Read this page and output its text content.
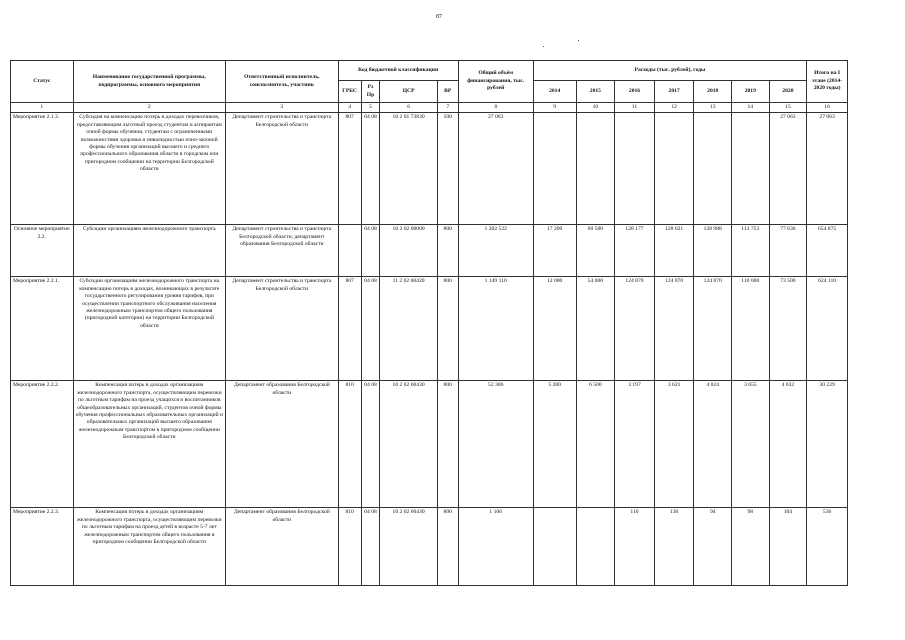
87
Статус	Наименование государственной программы, подпрограммы, основного мероприятия	Ответственный исполнитель, соисполнитель, участник	Код бюджетной классификации				Общий объём финансирования, тыс. рублей	Расходы (тыс. рублей), годы							Итого на I этапе (2014-2020 годы)
			ГРБС	Рз Пр	ЦСР	ВР		2014	2015	2016	2017	2018	2019	2020	
1	2	3	4	5	6	7	8	9	10	11	12	13	14	15	16
Мероприятие 2.1.3.	Субсидия на компенсацию потерь в доходах перевозчиков, предоставляющим льготный проезд студентам и аспирантам очной формы обучения, студентам с ограниченными возможностями здоровья и инвалидностью очно-заочной формы обучения организаций высшего и среднего профессионального образования области в городском или пригородном сообщении на территории Белгородской области	Департамент строительства и транспорта Белгородской области	807	04 08	10 2 01 73830	500	27 063							27 063	27 063
Основное мероприятие 2.2.	Субсидии организациям железнодорожного транспорта	Департамент строительства и транспорта Белгородской области, департамент образования Белгородской области		04 08	10 2 02 00000	800	1 202 522	17 200	60 500	128 177	128 621	128 988	113 753	77 636	654 875
Мероприятие 2.2.1.	Субсидии организациям железнодорожного транспорта на компенсацию потерь в доходах, возникающих в результате государственного регулирования уровня тарифов, при осуществлении транспортного обслуживания населения железнодорожным транспортом общего пользования (пригородной категории) на территории Белгородской области	Департамент строительства и транспорта Белгородской области	807	04 08	11 2 02 60420	800	1 149 110	12 000	54 000	124 870	124 870	124 870	110 000	73 500	624 110
Мероприятие 2.2.2.	Компенсация потерь в доходах организациям железнодорожного транспорта, осуществляющим перевозки по льготным тарифам на проезд учащихся и воспитанников общеобразовательных организаций, студентов очной формы обучения профессиональных образовательных организаций и образовательных организаций высшего образования железнодорожным транспортом в пригородном сообщении Белгородской области	Департамент образования Белгородской области	810	04 08	10 2 02 60430	800	52 306	5 200	6 500	3 197	3 621	4 024	3 655	4 032	30 229
Мероприятие 2.2.3.	Компенсация потерь в доходах организациям железнодорожного транспорта, осуществляющим перевозки по льготным тарифам на проезд детей в возрасте 5-7 лет железнодорожным транспортом общего пользования в пригородном сообщении Белгородской области	Департамент образования Белгородской области	810	04 08	10 2 02 60430	800	1 106			110	130	94	98	104	536
